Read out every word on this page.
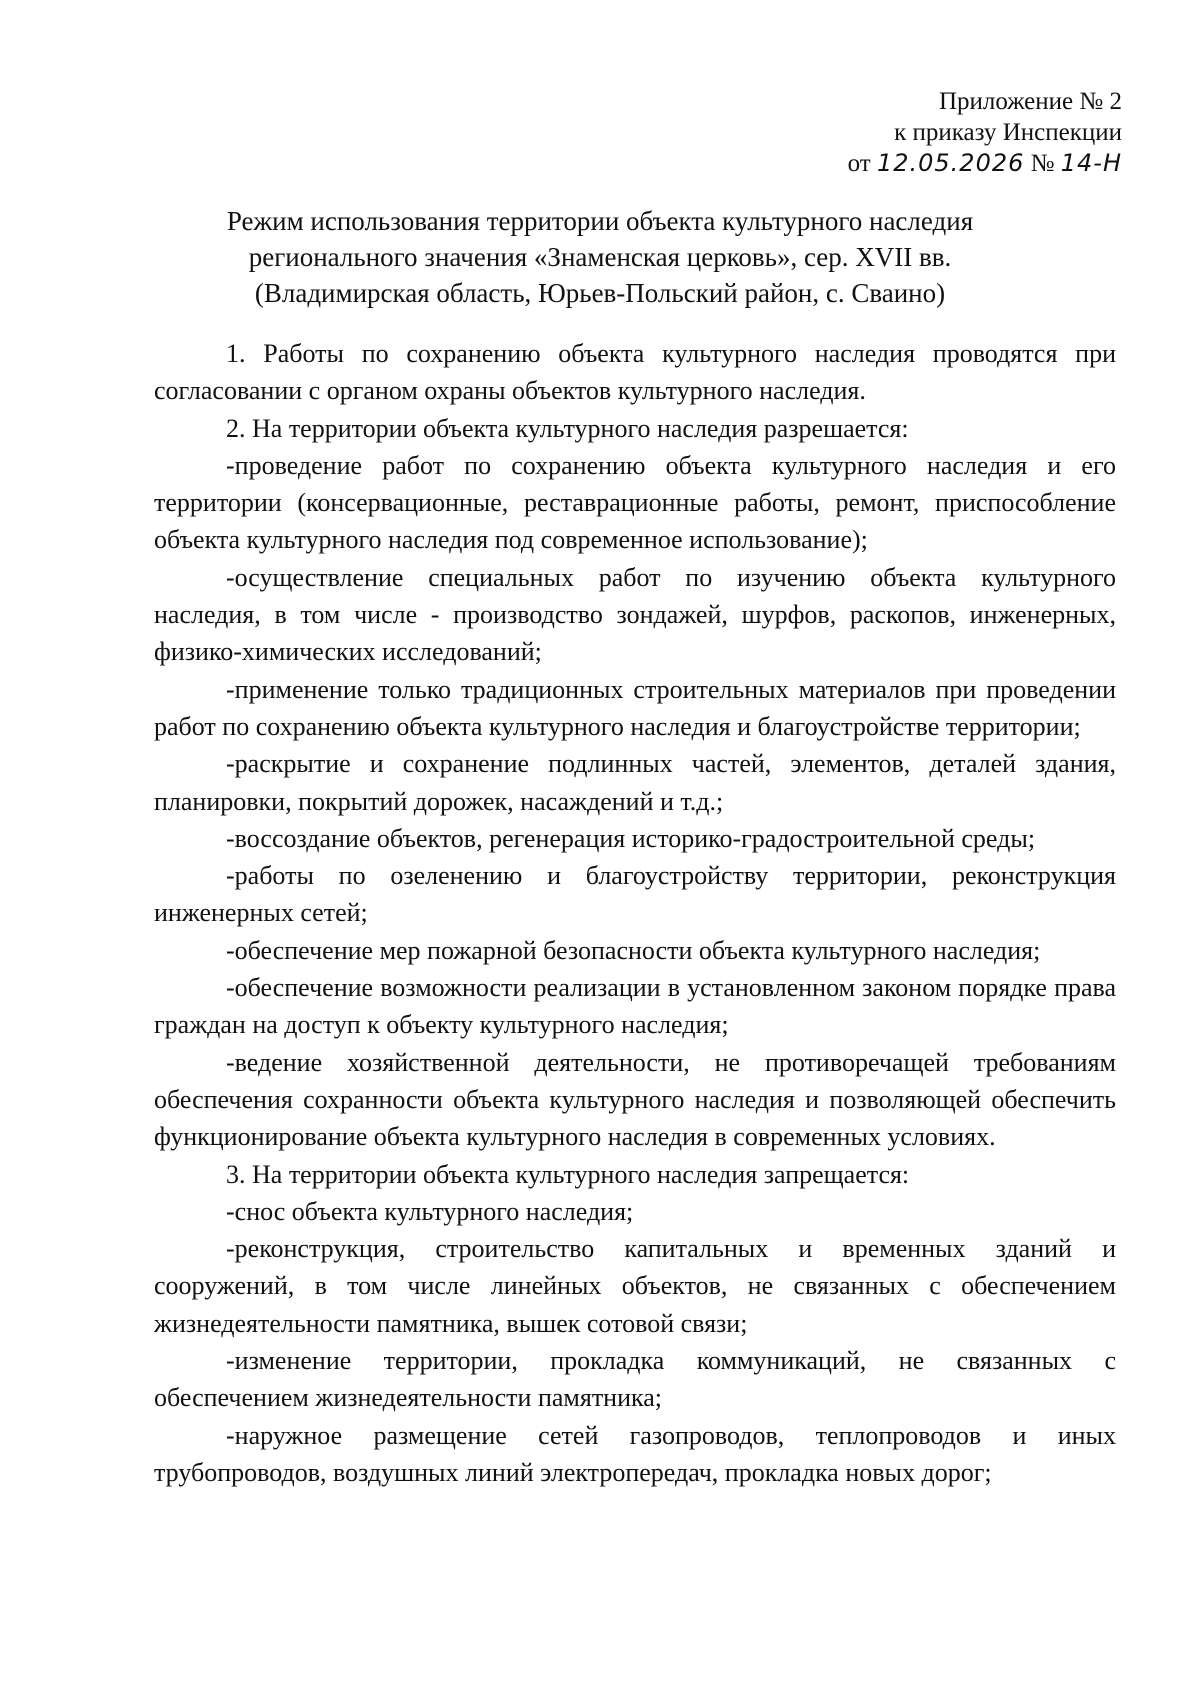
Приложение № 2
к приказу Инспекции
от 12.05.2026 № 14-Н
Режим использования территории объекта культурного наследия
регионального значения «Знаменская церковь», сер. XVII вв.
(Владимирская область, Юрьев-Польский район, с. Сваино)

1. Работы по сохранению объекта культурного наследия проводятся при согласовании с органом охраны объектов культурного наследия.

2. На территории объекта культурного наследия разрешается:

-проведение работ по сохранению объекта культурного наследия и его территории (консервационные, реставрационные работы, ремонт, приспособление объекта культурного наследия под современное использование);

-осуществление специальных работ по изучению объекта культурного наследия, в том числе - производство зондажей, шурфов, раскопов, инженерных, физико-химических исследований;

-применение только традиционных строительных материалов при проведении работ по сохранению объекта культурного наследия и благоустройстве территории;

-раскрытие и сохранение подлинных частей, элементов, деталей здания, планировки, покрытий дорожек, насаждений и т.д.;

-воссоздание объектов, регенерация историко-градостроительной среды;

-работы по озеленению и благоустройству территории, реконструкция инженерных сетей;

-обеспечение мер пожарной безопасности объекта культурного наследия;

-обеспечение возможности реализации в установленном законом порядке права граждан на доступ к объекту культурного наследия;

-ведение хозяйственной деятельности, не противоречащей требованиям обеспечения сохранности объекта культурного наследия и позволяющей обеспечить функционирование объекта культурного наследия в современных условиях.

3. На территории объекта культурного наследия запрещается:

-снос объекта культурного наследия;

-реконструкция, строительство капитальных и временных зданий и сооружений, в том числе линейных объектов, не связанных с обеспечением жизнедеятельности памятника, вышек сотовой связи;

-изменение территории, прокладка коммуникаций, не связанных с обеспечением жизнедеятельности памятника;

-наружное размещение сетей газопроводов, теплопроводов и иных трубопроводов, воздушных линий электропередач, прокладка новых дорог;
